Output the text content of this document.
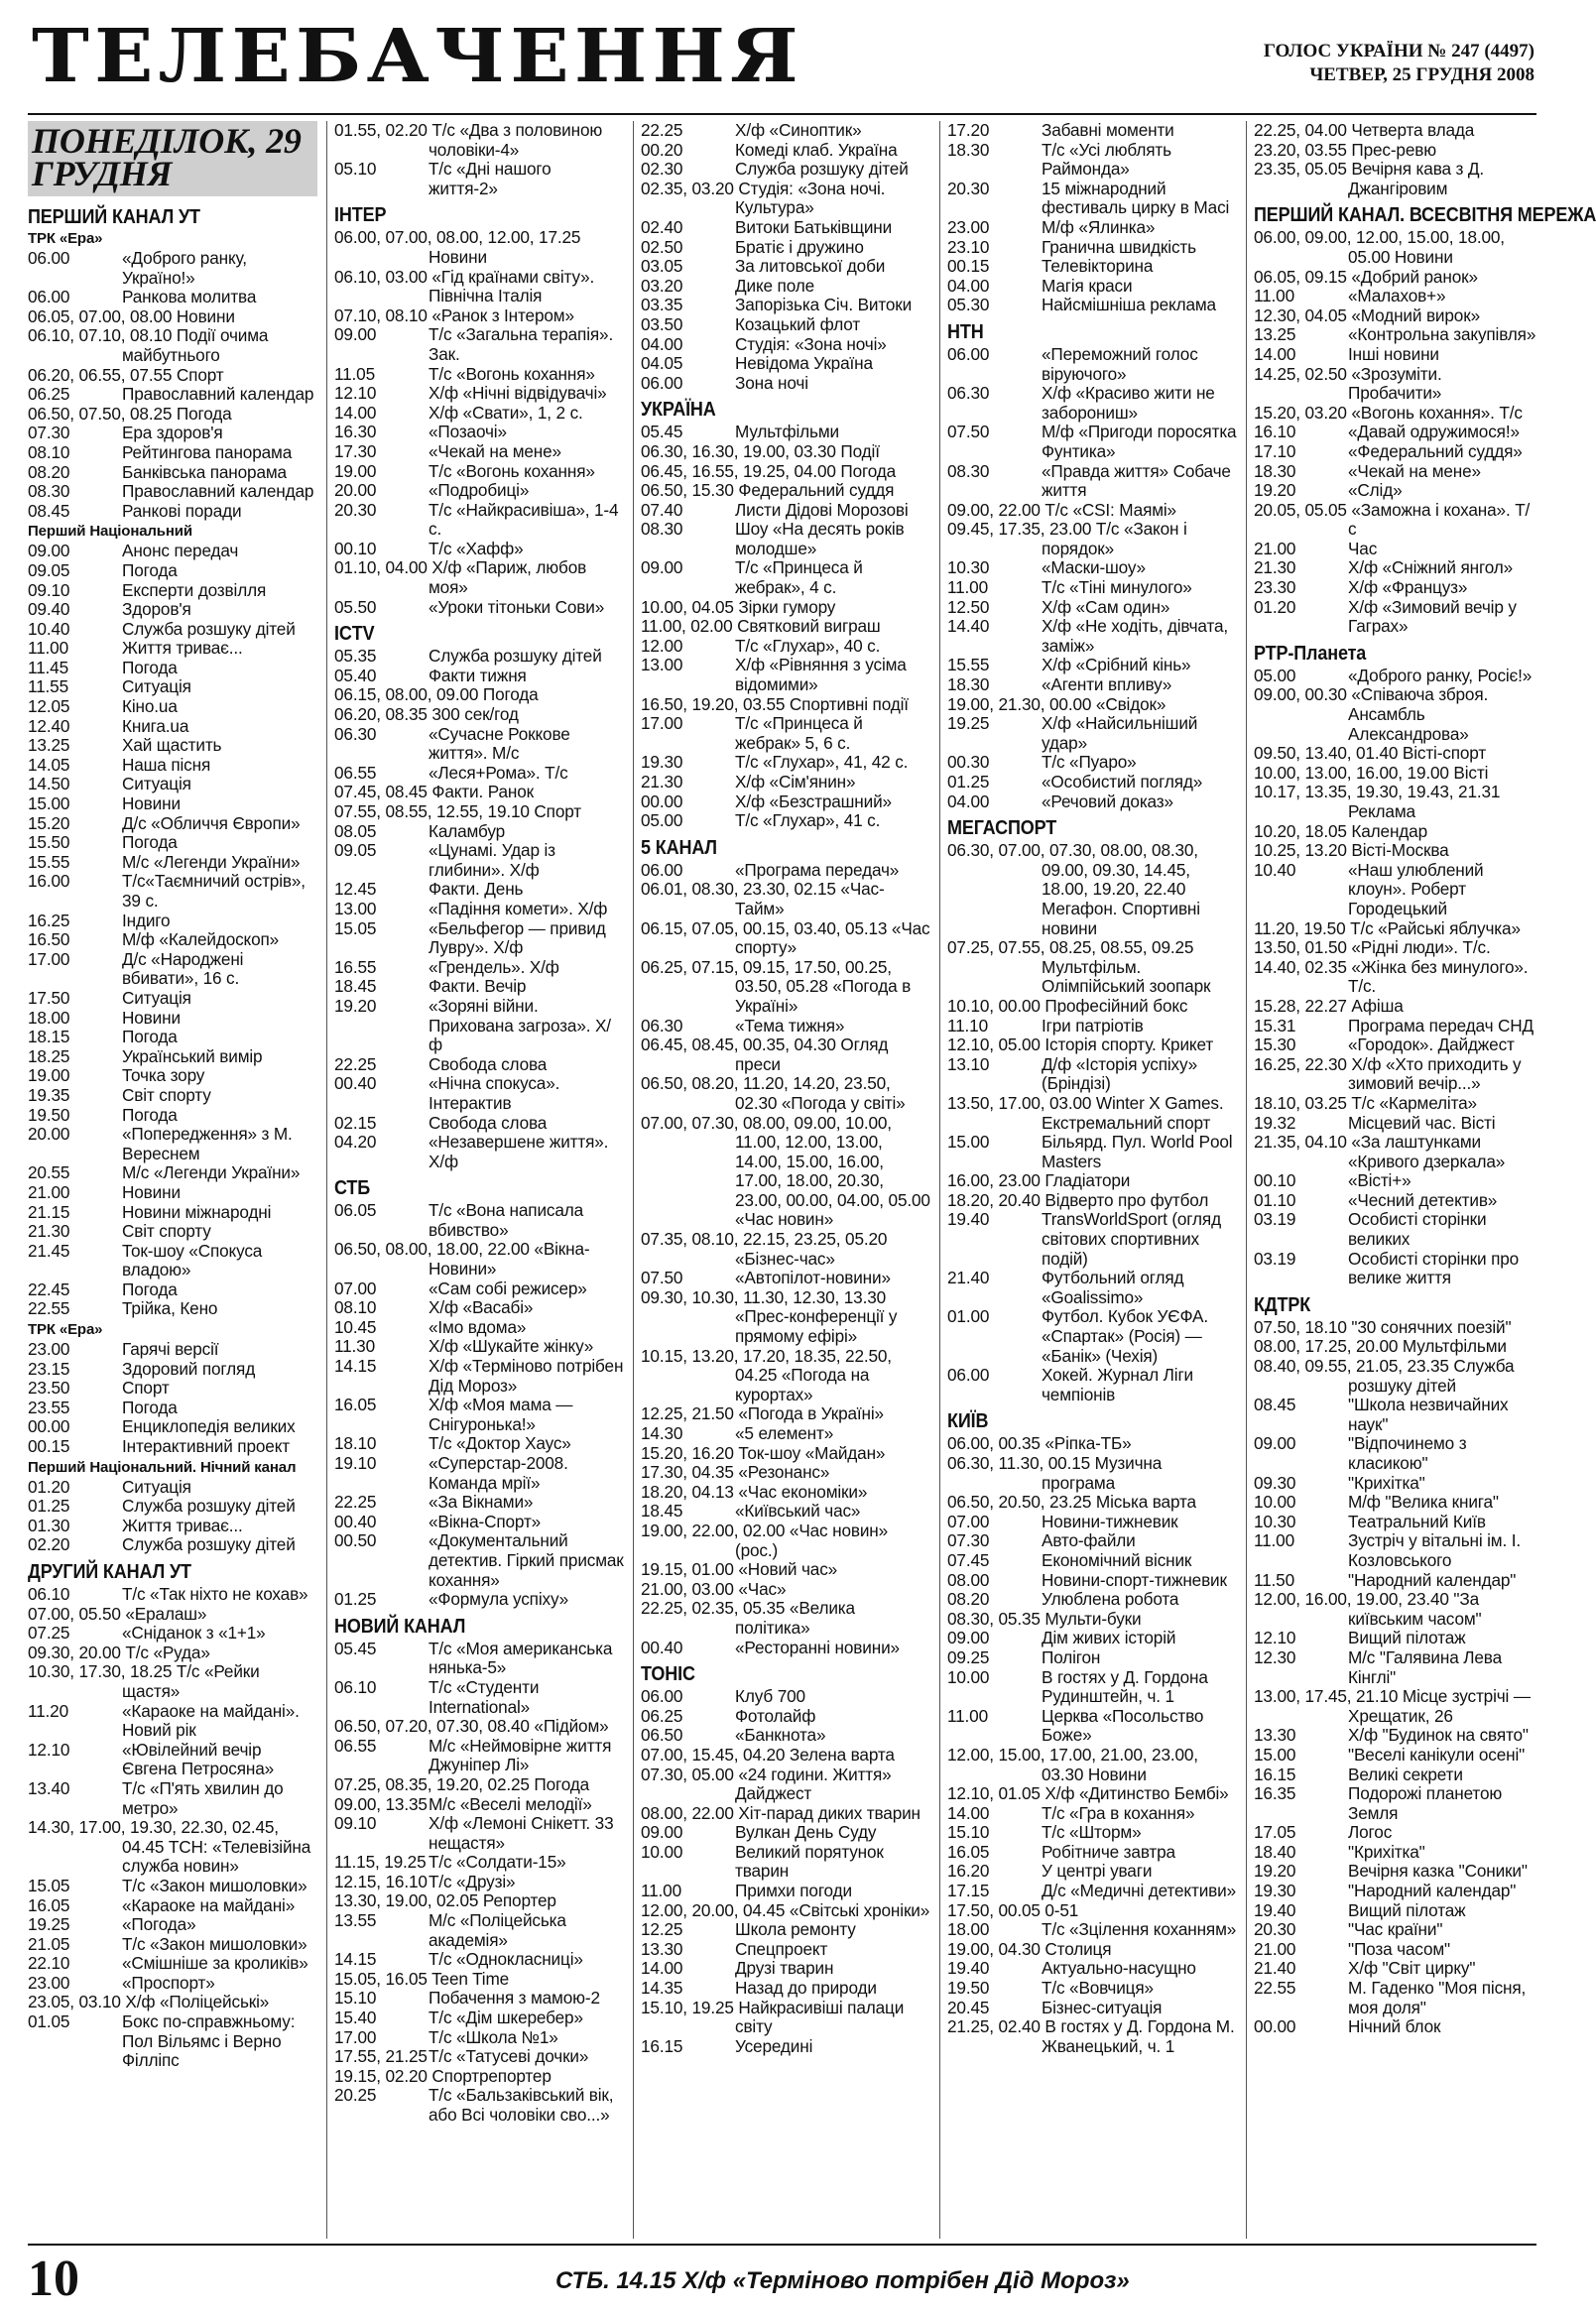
ТЕЛЕБАЧЕННЯ	ГОЛОС УКРАЇНИ № 247 (4497)
ЧЕТВЕР, 25 ГРУДНЯ 2008
ПОНЕДІЛОК, 29 ГРУДНЯ
ПЕРШИЙ КАНАЛ УТ
ТРК «Ера»
06.00	«Доброго ранку, Україно!»
06.00	Ранкова молитва
06.05, 07.00, 08.00 Новини
06.10, 07.10, 08.10 Події очима майбутнього
06.20, 06.55, 07.55 Спорт
06.25	Православний календар
06.50, 07.50, 08.25 Погода
07.30	Ера здоров'я
08.10	Рейтингова панорама
08.20	Банківська панорама
08.30	Православний календар
08.45	Ранкові поради
Перший Національний
09.00	Анонс передач
09.05	Погода
09.10	Експерти дозвілля
09.40	Здоров'я
10.40	Служба розшуку дітей
11.00	Життя триває...
11.45	Погода
11.55	Ситуація
12.05	Кіно.ua
12.40	Книга.ua
13.25	Хай щастить
14.05	Наша пісня
14.50	Ситуація
15.00	Новини
15.20	Д/с «Обличчя Європи»
15.50	Погода
15.55	М/с «Легенди України»
16.00	Т/с«Таємничий острів», 39 с.
16.25	Індиго
16.50	М/ф «Калейдоскоп»
17.00	Д/с «Народжені вбивати», 16 с.
17.50	Ситуація
18.00	Новини
18.15	Погода
18.25	Український вимір
19.00	Точка зору
19.35	Світ спорту
19.50	Погода
20.00	«Попередження» з М. Вереснем
20.55	М/с «Легенди України»
21.00	Новини
21.15	Новини міжнародні
21.30	Світ спорту
21.45	Ток-шоу «Спокуса владою»
22.45	Погода
22.55	Трійка, Кено
ТРК «Ера»
23.00	Гарячі версії
23.15	Здоровий погляд
23.50	Спорт
23.55	Погода
00.00	Енциклопедія великих
00.15	Інтерактивний проект
Перший Національний. Нічний канал
01.20	Ситуація
01.25	Служба розшуку дітей
01.30	Життя триває...
02.20	Служба розшуку дітей
ДРУГИЙ КАНАЛ УТ
06.10	Т/с «Так ніхто не кохав»
07.00, 05.50 «Ералаш»
07.25	«Сніданок з «1+1»
09.30, 20.00 Т/с «Руда»
10.30, 17.30, 18.25 Т/с «Рейки щастя»
11.20	«Караоке на майдані». Новий рік
12.10	«Ювілейний вечір Євгена Петросяна»
13.40	Т/с «П'ять хвилин до метро»
14.30, 17.00, 19.30, 22.30, 02.45, 04.45 ТСН: «Телевізійна служба новин»
15.05	Т/с «Закон мишоловки»
16.05	«Караоке на майдані»
19.25	«Погода»
21.05	Т/с «Закон мишоловки»
22.10	«Смішніше за кроликів»
23.00	«Проспорт»
23.05, 03.10 Х/ф «Поліцейські»
01.05	Бокс по-справжньому: Пол Вільямс і Верно Філліпс
01.55, 02.20 Т/с «Два з половиною чоловіки-4»
05.10	Т/с «Дні нашого життя-2»
ІНТЕР
06.00, 07.00, 08.00, 12.00, 17.25 Новини
06.10, 03.00 «Гід країнами світу». Північна Італія
07.10, 08.10 «Ранок з Інтером»
09.00	Т/с «Загальна терапія». Зак.
11.05	Т/с «Вогонь кохання»
12.10	Х/ф «Нічні відвідувачі»
14.00	Х/ф «Свати», 1, 2 с.
16.30	«Позаочі»
17.30	«Чекай на мене»
19.00	Т/с «Вогонь кохання»
20.00	«Подробиці»
20.30	Т/с «Найкрасивіша», 1-4 с.
00.10	Т/с «Хафф»
01.10, 04.00 Х/ф «Париж, любов моя»
05.50	«Уроки тітоньки Сови»
ICTV
05.35	Служба розшуку дітей
05.40	Факти тижня
06.15, 08.00, 09.00 Погода
06.20, 08.35 300 сек/год
06.30	«Сучасне Роккове життя». М/с
06.55	«Леся+Рома». Т/с
07.45, 08.45 Факти. Ранок
07.55, 08.55, 12.55, 19.10 Спорт
08.05	Каламбур
09.05	«Цунамі. Удар із глибини». Х/ф
12.45	Факти. День
13.00	«Падіння комети». Х/ф
15.05	«Бельфегор — привид Лувру». Х/ф
16.55	«Грендель». Х/ф
18.45	Факти. Вечір
19.20	«Зоряні війни. Прихована загроза». Х/ф
22.25	Свобода слова
00.40	«Нічна спокуса». Інтерактив
02.15	Свобода слова
04.20	«Незавершене життя». Х/ф
СТБ
06.05	Т/с «Вона написала вбивство»
06.50, 08.00, 18.00, 22.00 «Вікна-Новини»
07.00	«Сам собі режисер»
08.10	Х/ф «Васабі»
10.45	«Імо вдома»
11.30	Х/ф «Шукайте жінку»
14.15	Х/ф «Терміново потрібен Дід Мороз»
16.05	Х/ф «Моя мама — Снігуронька!»
18.10	Т/с «Доктор Хаус»
19.10	«Суперстар-2008. Команда мрії»
22.25	«За Вікнами»
00.40	«Вікна-Спорт»
00.50	«Документальний детектив. Гіркий присмак кохання»
01.25	«Формула успіху»
НОВИЙ КАНАЛ
05.45	Т/с «Моя американська нянька-5»
06.10	Т/с «Студенти International»
06.50, 07.20, 07.30, 08.40 «Підйом»
06.55	М/с «Неймовірне життя Джуніпер Лі»
07.25, 08.35, 19.20, 02.25 Погода
09.00, 13.35М/с «Веселі мелодії»
09.10	Х/ф «Лемоні Снікетт. 33 нещастя»
11.15, 19.25 Т/с «Солдати-15»
12.15, 16.10Т/с «Друзі»
13.30, 19.00, 02.05 Репортер
13.55	М/с «Поліцейська академія»
14.15	Т/с «Однокласниці»
15.05, 16.05 Teen Time
15.10	Побачення з мамою-2
15.40	Т/с «Дім шкеребер»
17.00	Т/с «Школа №1»
17.55, 21.25Т/с «Татусеві дочки»
19.15, 02.20 Спортрепортер
20.25	Т/с «Бальзаківський вік, або Всі чоловіки сво...»
22.25	Х/ф «Синоптик»
00.20	Комеді клаб. Україна
02.30	Служба розшуку дітей
02.35, 03.20 Студія: «Зона ночі. Культура»
02.40	Витоки Батьківщини
02.50	Братіє і дружино
03.05	За литовської доби
03.20	Дике поле
03.35	Запорізька Січ. Витоки
03.50	Козацький флот
04.00	Студія: «Зона ночі»
04.05	Невідома Україна
06.00	Зона ночі
УКРАЇНА
05.45	Мультфільми
06.30, 16.30, 19.00, 03.30 Події
06.45, 16.55, 19.25, 04.00 Погода
06.50, 15.30 Федеральний суддя
07.40	Листи Дідові Морозові
08.30	Шоу «На десять років молодше»
09.00	Т/с «Принцеса й жебрак», 4 с.
10.00, 04.05 Зірки гумору
11.00, 02.00 Святковий виграш
12.00	Т/с «Глухар», 40 с.
13.00	Х/ф «Рівняння з усіма відомими»
16.50, 19.20, 03.55 Спортивні події
17.00	Т/с «Принцеса й жебрак» 5, 6 с.
19.30	Т/с «Глухар», 41, 42 с.
21.30	Х/ф «Сім'янин»
00.00	Х/ф «Безстрашний»
05.00	Т/с «Глухар», 41 с.
5 КАНАЛ
06.00	«Програма передач»
06.01, 08.30, 23.30, 02.15 «Час-Тайм»
06.15, 07.05, 00.15, 03.40, 05.13 «Час спорту»
06.25, 07.15, 09.15, 17.50, 00.25, 03.50, 05.28 «Погода в Україні»
06.30	«Тема тижня»
06.45, 08.45, 00.35, 04.30 Огляд преси
06.50, 08.20, 11.20, 14.20, 23.50, 02.30 «Погода у світі»
07.00, 07.30, 08.00, 09.00, 10.00, 11.00, 12.00, 13.00, 14.00, 15.00, 16.00, 17.00, 18.00, 20.30, 23.00, 00.00, 04.00, 05.00 «Час новин»
07.35, 08.10, 22.15, 23.25, 05.20 «Бізнес-час»
07.50	«Автопілот-новини»
09.30, 10.30, 11.30, 12.30, 13.30 «Прес-конференції у прямому ефірі»
10.15, 13.20, 17.20, 18.35, 22.50, 04.25 «Погода на курортах»
12.25, 21.50 «Погода в Україні»
14.30	«5 елемент»
15.20, 16.20 Ток-шоу «Майдан»
17.30, 04.35 «Резонанс»
18.20, 04.13 «Час економіки»
18.45	«Київський час»
19.00, 22.00, 02.00 «Час новин» (рос.)
19.15, 01.00 «Новий час»
21.00, 03.00 «Час»
22.25, 02.35, 05.35 «Велика політика»
00.40	«Ресторанні новини»
ТОНІС
06.00	Клуб 700
06.25	Фотолайф
06.50	«Банкнота»
07.00, 15.45, 04.20 Зелена варта
07.30, 05.00 «24 години. Життя» Дайджест
08.00, 22.00 Хіт-парад диких тварин
09.00	Вулкан День Суду
10.00	Великий порятунок тварин
11.00	Примхи погоди
12.00, 20.00, 04.45 «Світські хроніки»
12.25	Школа ремонту
13.30	Спецпроект
14.00	Друзі тварин
14.35	Назад до природи
15.10, 19.25 Найкрасивіші палаци світу
16.15	Усерединi
17.20	Забавні моменти
18.30	Т/с «Усі люблять Раймонда»
20.30	15 міжнародний фестиваль цирку в Масі
23.00	М/ф «Ялинка»
23.10	Гранична швидкість
00.15	Телевікторина
04.00	Магія краси
05.30	Найсмішніша реклама
НТН
06.00	«Переможний голос віруючого»
06.30	Х/ф «Красиво жити не заборониш»
07.50	М/ф «Пригоди поросятка Фунтика»
08.30	«Правда життя» Собаче життя
09.00, 22.00 Т/с «CSI: Маямі»
09.45, 17.35, 23.00 Т/с «Закон і порядок»
10.30	«Маски-шоу»
11.00	Т/с «Тіні минулого»
12.50	Х/ф «Сам один»
14.40	Х/ф «Не ходіть, дівчата, заміж»
15.55	Х/ф «Срібний кінь»
18.30	«Агенти впливу»
19.00, 21.30, 00.00 «Свідок»
19.25	Х/ф «Найсильніший удар»
00.30	Т/с «Пуаро»
01.25	«Особистий погляд»
04.00	«Речовий доказ»
МЕГАСПОРТ
06.30, 07.00, 07.30, 08.00, 08.30, 09.00, 09.30, 14.45, 18.00, 19.20, 22.40 Мегафон. Спортивні новини
07.25, 07.55, 08.25, 08.55, 09.25 Мультфільм. Олімпійський зоопарк
10.10, 00.00 Професійний бокс
11.10	Ігри патріотів
12.10, 05.00 Історія спорту. Крикет
13.10	Д/ф «Історія успіху» (Бріндізі)
13.50, 17.00, 03.00 Winter X Games. Екстремальний спорт
15.00	Більярд. Пул. World Pool Masters
16.00, 23.00 Гладіатори
18.20, 20.40 Відверто про футбол
19.40	TransWorldSport (огляд світових спортивних подій)
21.40	Футбольний огляд «Goalissimo»
01.00	Футбол. Кубок УЄФА. «Спартак» (Росія) — «Банік» (Чехія)
06.00	Хокей. Журнал Ліги чемпіонів
КИЇВ
06.00, 00.35 «Ріпка-ТБ»
06.30, 11.30, 00.15 Музична програма
06.50, 20.50, 23.25 Міська варта
07.00	Новини-тижневик
07.30	Авто-файли
07.45	Економічний вісник
08.00	Новини-спорт-тижневик
08.20	Улюблена робота
08.30, 05.35 Мульти-буки
09.00	Дім живих історій
09.25	Полігон
10.00	В гостях у Д. Гордона Рудинштейн, ч. 1
11.00	Церква «Посольство Боже»
12.00, 15.00, 17.00, 21.00, 23.00, 03.30 Новини
12.10, 01.05 Х/ф «Дитинство Бембі»
14.00	Т/с «Гра в кохання»
15.10	Т/с «Шторм»
16.05	Робітниче завтра
16.20	У центрі уваги
17.15	Д/с «Медичні детективи»
17.50, 00.05 0-51
18.00	Т/с «Зцілення коханням»
19.00, 04.30 Столиця
19.40	Актуально-насущно
19.50	Т/с «Вовчиця»
20.45	Бізнес-ситуація
21.25, 02.40 В гостях у Д. Гордона М. Жванецький, ч. 1
22.25, 04.00 Четверта влада
23.20, 03.55 Прес-ревю
23.35, 05.05 Вечірня кава з Д. Джангіровим
ПЕРШИЙ КАНАЛ. ВСЕСВІТНЯ МЕРЕЖА
06.00, 09.00, 12.00, 15.00, 18.00, 05.00 Новини
06.05, 09.15 «Добрий ранок»
11.00	«Малахов+»
12.30, 04.05 «Модний вирок»
13.25	«Контрольна закупівля»
14.00	Інші новини
14.25, 02.50 «Зрозуміти. Пробачити»
15.20, 03.20 «Вогонь кохання». Т/с
16.10	«Давай одружимося!»
17.10	«Федеральний суддя»
18.30	«Чекай на мене»
19.20	«Слід»
20.05, 05.05 «Заможна і кохана». Т/с
21.00	Час
21.30	Х/ф «Сніжний янгол»
23.30	Х/ф «Француз»
01.20	Х/ф «Зимовий вечір у Гаграх»
РТР-Планета
05.00	«Доброго ранку, Росіє!»
09.00, 00.30 «Співаюча зброя. Ансамбль Александрова»
09.50, 13.40, 01.40 Вісті-спорт
10.00, 13.00, 16.00, 19.00 Вісті
10.17, 13.35, 19.30, 19.43, 21.31 Реклама
10.20, 18.05 Календар
10.25, 13.20 Вісті-Москва
10.40	«Наш улюблений клоун». Роберт Городецький
11.20, 19.50 Т/с «Райські яблучка»
13.50, 01.50 «Рідні люди». Т/с.
14.40, 02.35 «Жінка без минулого». Т/с.
15.28, 22.27 Афіша
15.31	Програма передач СНД
15.30	«Городок». Дайджест
16.25, 22.30 Х/ф «Хто приходить у зимовий вечір...»
18.10, 03.25 Т/с «Кармеліта»
19.32	Місцевий час. Вісті
21.35, 04.10 «За лаштунками «Кривого дзеркала»
00.10	«Вісті+»
01.10	«Чесний детектив»
03.19	Особисті сторінки великих
03.19	Особисті сторінки про велике життя
КДТРК
07.50, 18.10 "30 сонячних поезій"
08.00, 17.25, 20.00 Мультфільми
08.40, 09.55, 21.05, 23.35 Служба розшуку дітей
08.45	"Школа незвичайних наук"
09.00	"Відпочинемо з класикою"
09.30	"Крихітка"
10.00	М/ф "Велика книга"
10.30	Театральний Київ
11.00	Зустріч у вітальні ім. І. Козловського
11.50	"Народний календар"
12.00, 16.00, 19.00, 23.40 "За київським часом"
12.10	Вищий пілотаж
12.30	М/с "Галявина Лева Кінглі"
13.00, 17.45, 21.10 Місце зустрічі — Хрещатик, 26
13.30	Х/ф "Будинок на свято"
15.00	"Веселі канікули осені"
16.15	Великі секрети
16.35	Подорожі планетою Земля
17.05	Логос
18.40	"Крихітка"
19.20	Вечірня казка "Соники"
19.30	"Народний календар"
19.40	Вищий пілотаж
20.30	"Час країни"
21.00	"Поза часом"
21.40	Х/ф "Світ цирку"
22.55	М. Гаденко "Моя пісня, моя доля"
00.00	Нічний блок
10	СТБ. 14.15 Х/ф «Терміново потрібен Дід Мороз»
